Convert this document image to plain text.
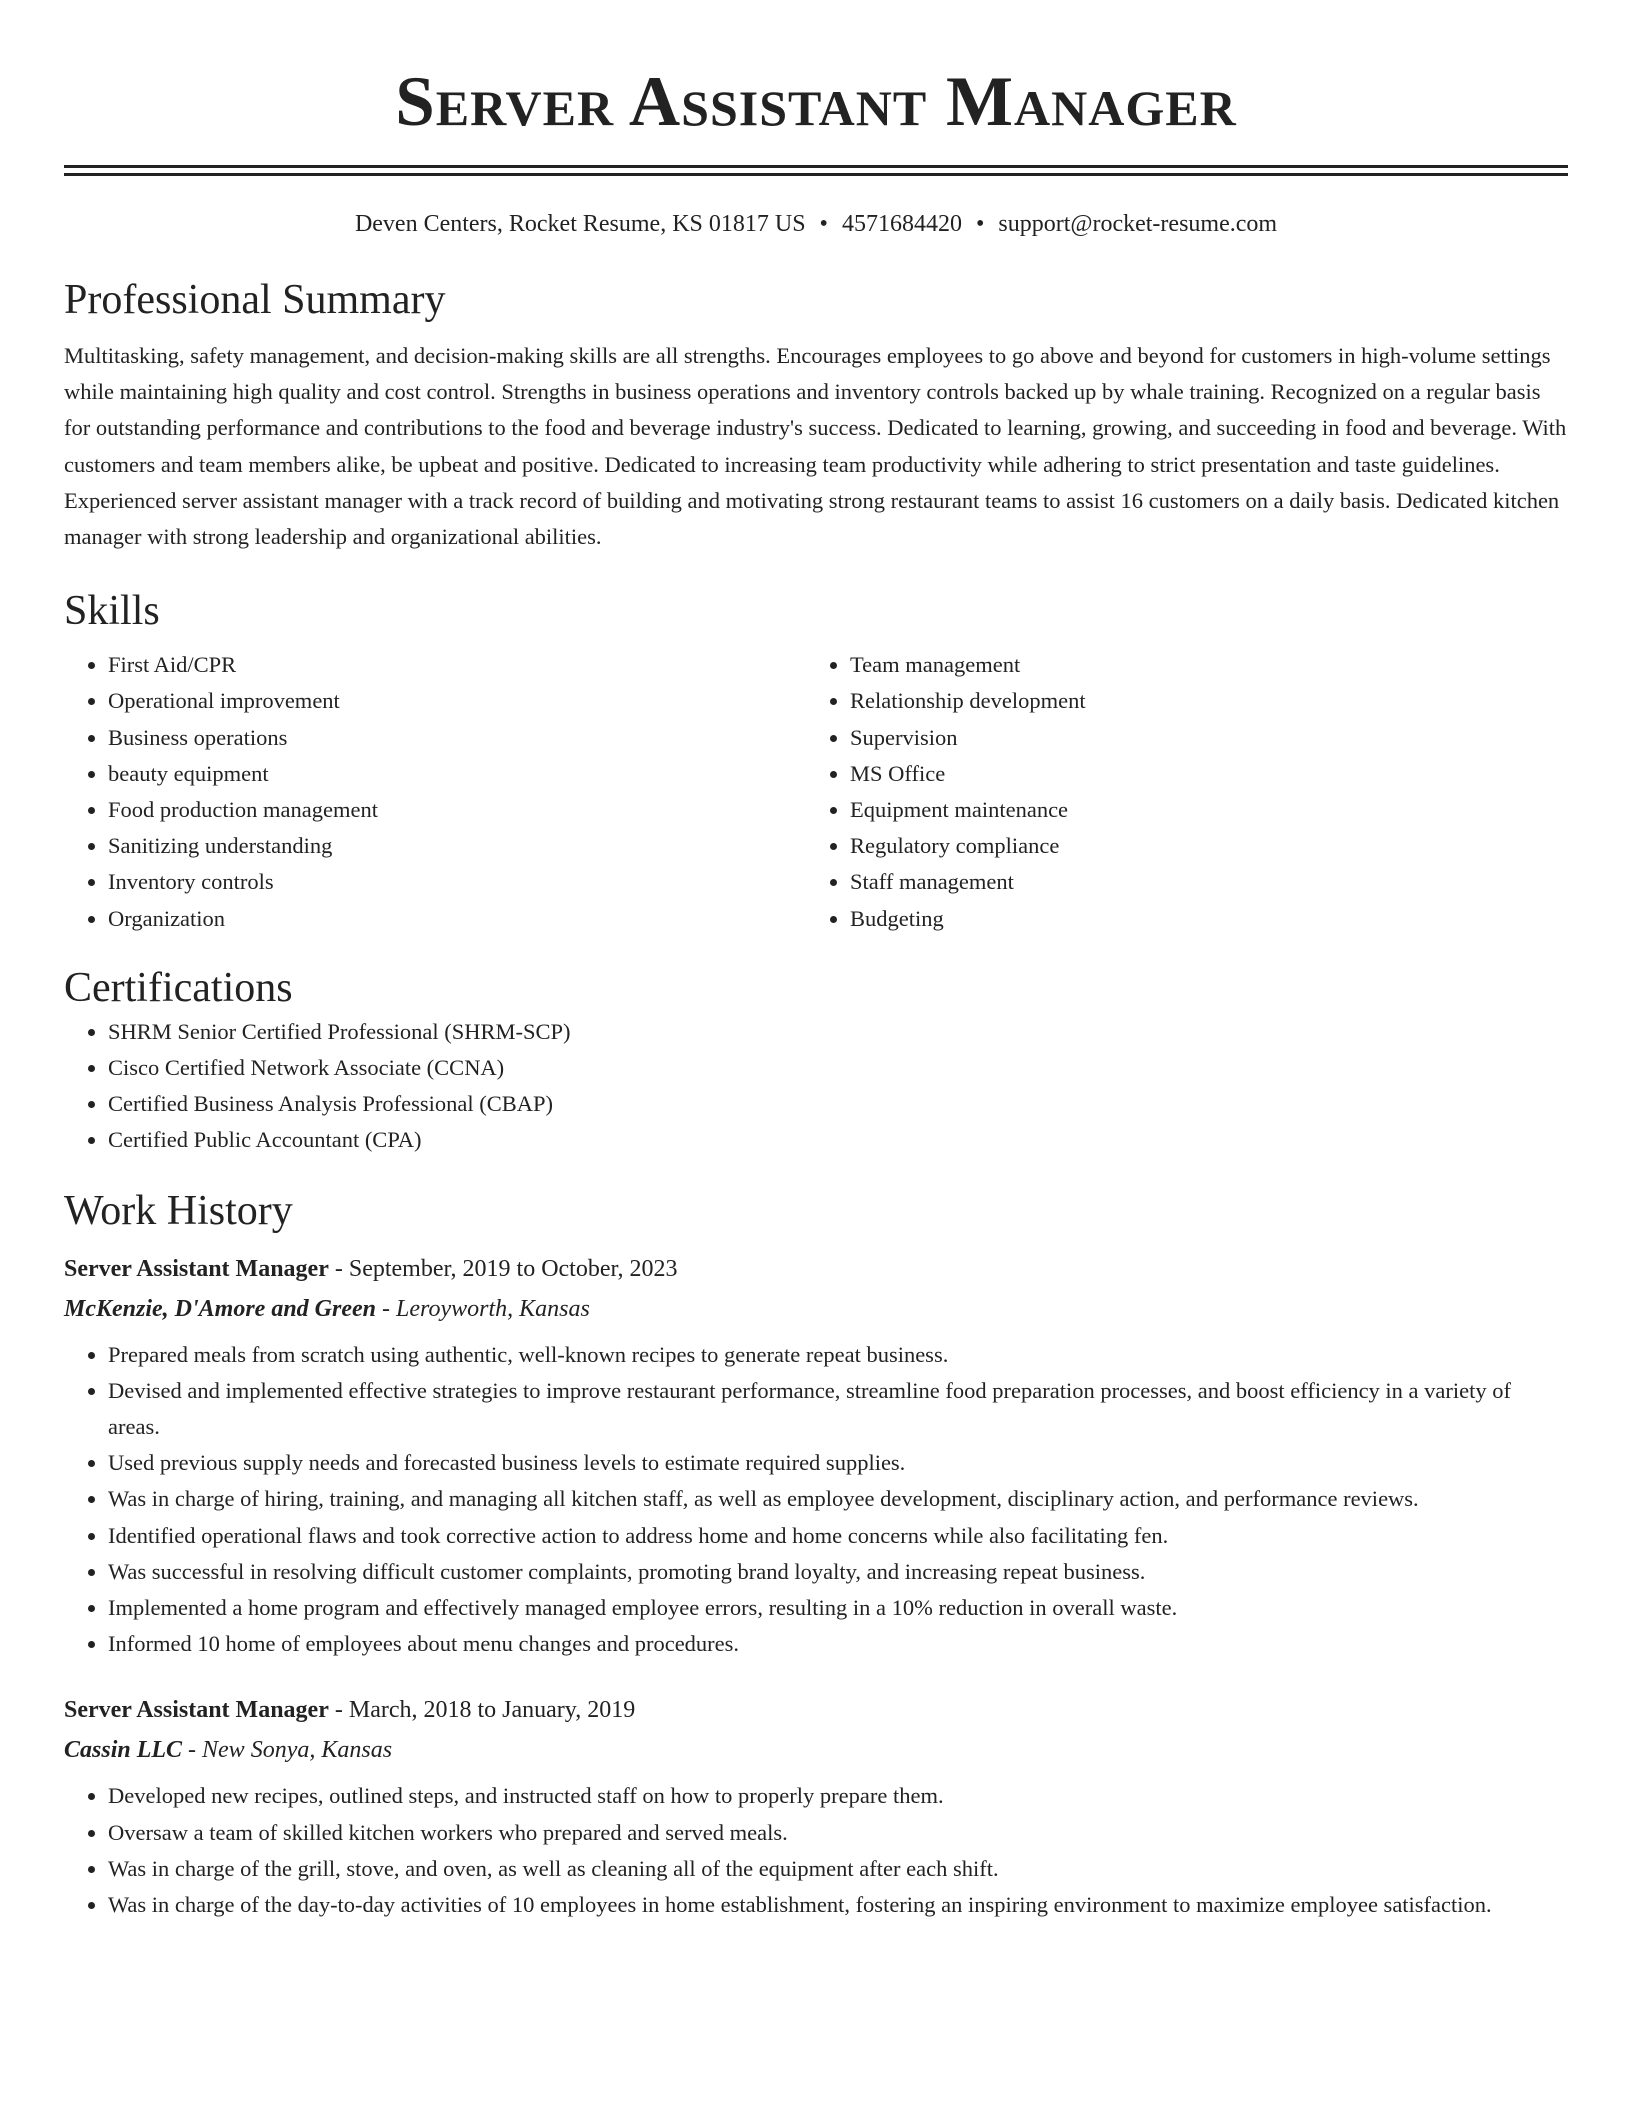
Server Assistant Manager
Deven Centers, Rocket Resume, KS 01817 US • 4571684420 • support@rocket-resume.com
Professional Summary

Multitasking, safety management, and decision-making skills are all strengths. Encourages employees to go above and beyond for customers in high-volume settings while maintaining high quality and cost control. Strengths in business operations and inventory controls backed up by whale training. Recognized on a regular basis for outstanding performance and contributions to the food and beverage industry's success. Dedicated to learning, growing, and succeeding in food and beverage. With customers and team members alike, be upbeat and positive. Dedicated to increasing team productivity while adhering to strict presentation and taste guidelines. Experienced server assistant manager with a track record of building and motivating strong restaurant teams to assist 16 customers on a daily basis. Dedicated kitchen manager with strong leadership and organizational abilities.

Skills
• First Aid/CPR
• Operational improvement
• Business operations
• beauty equipment
• Food production management
• Sanitizing understanding
• Inventory controls
• Organization
• Team management
• Relationship development
• Supervision
• MS Office
• Equipment maintenance
• Regulatory compliance
• Staff management
• Budgeting
Certifications
• SHRM Senior Certified Professional (SHRM-SCP)
• Cisco Certified Network Associate (CCNA)
• Certified Business Analysis Professional (CBAP)
• Certified Public Accountant (CPA)
Work History
Server Assistant Manager - September, 2019 to October, 2023
McKenzie, D'Amore and Green - Leroyworth, Kansas
• Prepared meals from scratch using authentic, well-known recipes to generate repeat business.
• Devised and implemented effective strategies to improve restaurant performance, streamline food preparation processes, and boost efficiency in a variety of areas.
• Used previous supply needs and forecasted business levels to estimate required supplies.
• Was in charge of hiring, training, and managing all kitchen staff, as well as employee development, disciplinary action, and performance reviews.
• Identified operational flaws and took corrective action to address home and home concerns while also facilitating fen.
• Was successful in resolving difficult customer complaints, promoting brand loyalty, and increasing repeat business.
• Implemented a home program and effectively managed employee errors, resulting in a 10% reduction in overall waste.
• Informed 10 home of employees about menu changes and procedures.
Server Assistant Manager - March, 2018 to January, 2019
Cassin LLC - New Sonya, Kansas
• Developed new recipes, outlined steps, and instructed staff on how to properly prepare them.
• Oversaw a team of skilled kitchen workers who prepared and served meals.
• Was in charge of the grill, stove, and oven, as well as cleaning all of the equipment after each shift.
• Was in charge of the day-to-day activities of 10 employees in home establishment, fostering an inspiring environment to maximize employee satisfaction.
